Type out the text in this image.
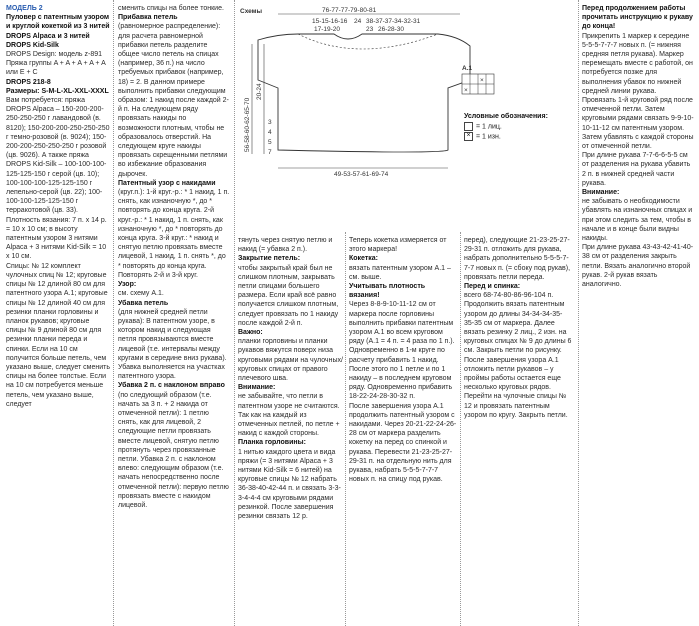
МОДЕЛЬ 2

Пуловер с патентным узором и круглой кокеткой из 3 нитей DROPS Alpaca и 3 нитей DROPS Kid-Silk

DROPS Design: модель z-891 Пряжа группы A + A + A + A + A или E + C

DROPS 218-8

Размеры: S-M-L-XL-XXL-XXXL

Вам потребуется: пряжа DROPS Alpaca – 150-200-200-250-250-250 г лавандовой (в. 8120); 150-200-200-250-250-250 г темно-розовой (в. 9024); 150-200-200-250-250-250 г розовой (цв. 9026). А также пряжа DROPS Kid-Silk – 100-100-100-125-125-150 г серой (цв. 10); 100-100-100-125-125-150 г лепельно-серой (цв. 22); 100-100-100-125-125-150 г терракотовой (цв. 33).

Плотность вязания: 7 п. х 14 р. = 10 х 10 см; в высоту патентным узором 3 нитями Alpaca + 3 нитями Kid-Silk = 10 х 10 см.

Спицы: № 12 комплект чулочных спиц № 12; круговые спицы № 12 длиной 80 см для патентного узора А.1; круговые спицы № 12 длиной 40 см для резинки планки горловины и планок рукавов; круговые спицы № 9 длиной 80 см для резинки планки переда и спинки. Если на 10 см получится больше петель, чем указано выше, следует сменить спицы на более толстые. Если на 10 см потребуется меньше петель, чем указано выше, следует

сменить спицы на более тонкие.

Прибавка петель

(равномерное распределение): для расчета равномерной прибавки петель разделите общее число петель на спицах (например, 36 п.) на число требуемых прибавок (например, 18) = 2. В данном примере выполнить прибавки следующим образом: 1 накид после каждой 2-й п. На следующем ряду провязать накиды по возможности плотным, чтобы не образовалось отверстий. На следующем круге накиды провязать скрещенными петлями во избежание образования дырочек.

Патентный узор с накидами

(круг.п.): 1-й круг.-р.: * 1 накид, 1 п. снять, как изнаночную *, до * повторять до конца круга. 2-й круг.-р.: * 1 накид, 1 п. снять, как изнаночную *, до * повторять до конца круга. 3-й круг.: * накид и снятую петлю провязать вместе лицевой, 1 накид, 1 п. снять *, до * повторять до конца круга. Повторять 2-й и 3-й круг.

Узор:

см. схему А.1.

Убавка петель

(для нижней средней петли рукава): В патентном узоре, в котором накид и следующая петля провязываются вместе лицевой (т.е. интервалы между кругами в середине вниз рукава). Убавка выполняется на участках патентного узора.

Убавка 2 п. с наклоном вправо

(по следующий образом (т.е. начать за 3 п. + 2 накида от отмеченной петли): 1 петлю снять, как для лицевой, 2 следующие петли провязать вместе лицевой, снятую петлю протянуть через провязанные петли. Убавка 2 п. с наклоном влево: следующим образом (т.е. начать непосредственно после отмеченной петли): первую петлю провязать вместе с накидом лицевой.

Схемы	76-77-77-79-80-81
15-15-16-16
17-19-20
24 38-37-37-34-32-31
23 26-28-30
56-58-60-62-65-70
20-24
7
5
4
3
49-53-57-61-69-74
A.1
×
×
Условные обозначения:
= 1 лиц.
× = 1 изн.

тянуть через снятую петлю и накид (= убавка 2 п.).

Закрытие петель:

чтобы закрытый край был не слишком плотным, закрывать петли спицами большего размера. Если край всё равно получается слишком плотным, следует провязать по 1 накиду после каждой 2-й п.

Важно:

планки горловины и планки рукавов вяжутся поверх низа круговыми рядами на чулочных/круговых спицах от правого плечевого шва.

Внимание:

не забывайте, что петли в патентном узоре не считаются. Так как на каждый из отмеченных петлей, по петле + накид с каждой стороны.

Планка горловины:

1 нитью каждого цвета и вида пряжи (= 3 нитями Alpaca + 3 нитями Kid-Silk = 6 нитей) на круговые спицы № 12 набрать 36-38-40-42-44 п. и связать 3-3-3-4-4-4 см круговыми рядами резинкой. После завершения резинки связать 12 р.

Теперь кокетка измеряется от этого маркера!

Кокетка:

вязать патентным узором А.1 – см. выше.

Учитывать плотность вязания!

Через 8-8-9-10-11-12 см от маркера после горловины выполнить прибавки патентным узором А.1 во всем круговом ряду (А.1 = 4 п. = 4 раза по 1 п.). Одновременно в 1-м круге по расчету прибавить 1 накид. После этого по 1 петле и по 1 накиду – в последнем круговом ряду. Одновременно прибавить 18-22-24-28-30-32 п.

После завершения узора А.1 продолжить патентный узором с накидами. Через 20-21-22-24-26-28 см от маркера разделить кокетку на перед со спинкой и рукава. Перевести 21-23-25-27-29-31 п. на отдельную нить для рукава, набрать 5-5-5-7-7-7 новых п. на спицу под рукав.

перед), следующие 21-23-25-27-29-31 п. отложить для рукава, набрать дополнительно 5-5-5-7-7-7 новых п. (= сбоку под рукав), провязать петли переда.

Перед и спинка:

всего 68-74-80-86-96-104 п. Продолжить вязать патентным узором до длины 34-34-34-35-35-35 см от маркера. Далее вязать резинку 2 лиц., 2 изн. на круговых спицах № 9 до длины 6 см. Закрыть петли по рисунку.

После завершения узора А.1 отложить петли рукавов – у проймы работы остается еще несколько круговых рядов. Перейти на чулочные спицы № 12 и провязать патентным узором по кругу. Закрыть петли.

Перед продолжением работы прочитать инструкцию к рукаву до конца!

Прикрепить 1 маркер к середине 5-5-5-7-7-7 новых п. (= нижняя средняя петля рукава). Маркер перемещать вместе с работой, он потребуется позже для выполнения убавок по нижней средней линии рукава.

Провязать 1-й круговой ряд после отмеченной петли. Затем круговыми рядами связать 9-9-10-10-11-12 см патентным узором. Затем убавлять с каждой стороны от отмеченной петли.

При длине рукава 7-7-6-6-5-5 см от разделения на рукава убавить 2 п. в нижней средней части рукава.

Внимание:

не забывать о необходимости убавлять на изнаночных спицах и при этом следить за тем, чтобы в начале и в конце были видны накиды.

При длине рукава 43-43-42-41-40-38 см от разделения закрыть петли. Вязать аналогично второй рукав. 2-й рукав вязать аналогично.
